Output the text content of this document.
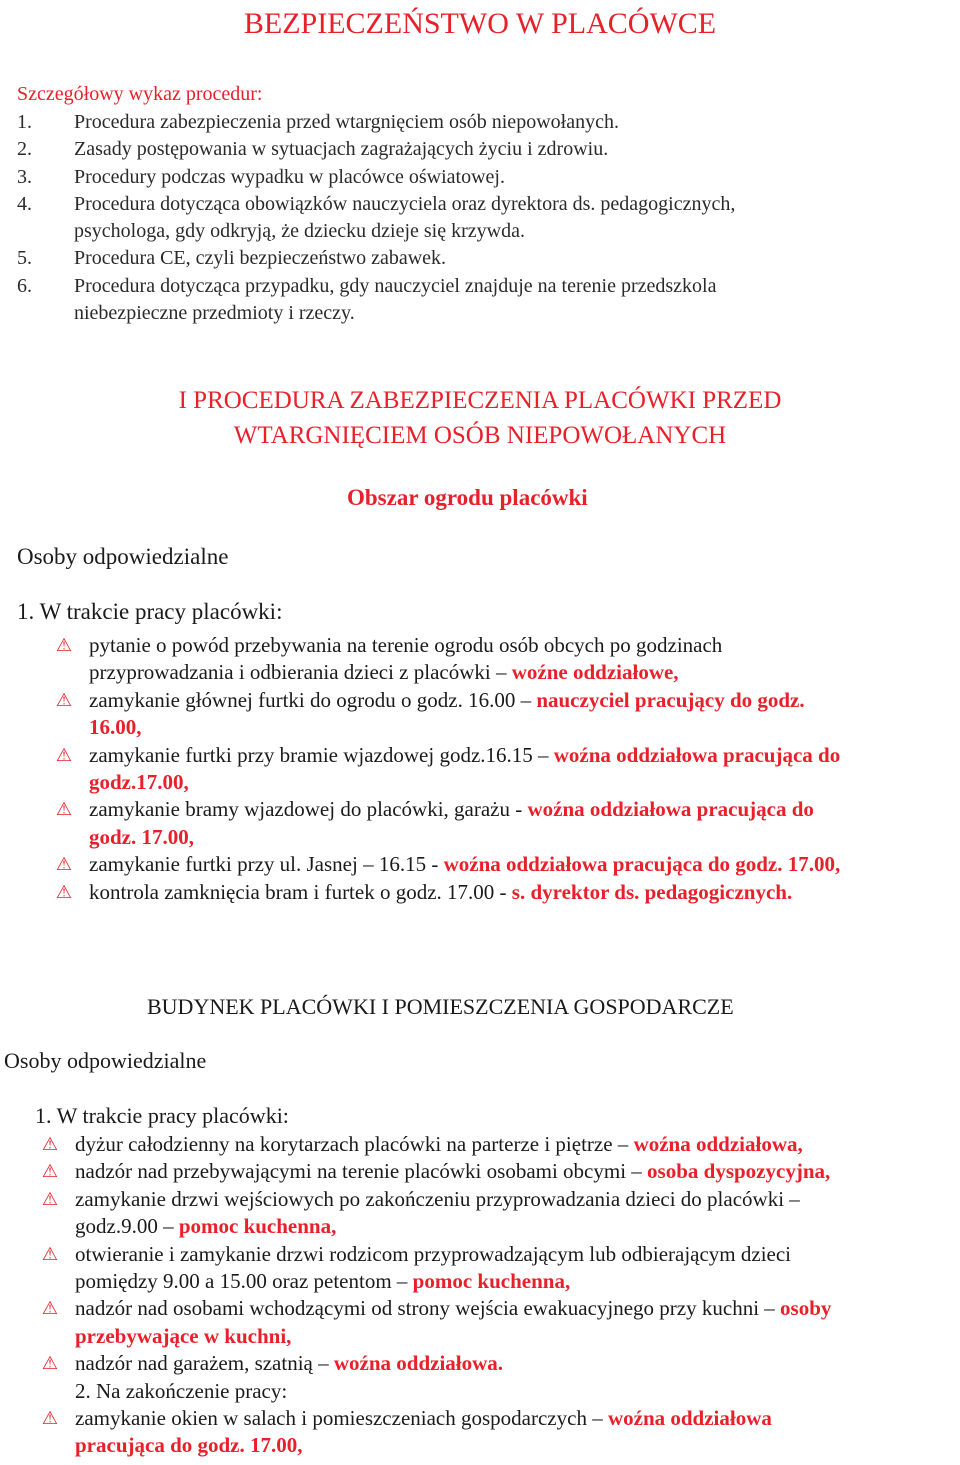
BEZPIECZEŃSTWO W PLACÓWCE
Szczegółowy wykaz procedur:
1.	Procedura zabezpieczenia przed wtargnięciem osób niepowołanych.
2.	Zasady postępowania w sytuacjach zagrażających życiu i zdrowiu.
3.	Procedury podczas wypadku w placówce oświatowej.
4.	Procedura dotycząca obowiązków nauczyciela oraz dyrektora ds. pedagogicznych,
psychologa, gdy odkryją, że dziecku dzieje się krzywda.
5.	Procedura CE, czyli bezpieczeństwo zabawek.
6.	Procedura dotycząca przypadku, gdy nauczyciel znajduje na terenie przedszkola
niebezpieczne przedmioty i rzeczy.
I PROCEDURA ZABEZPIECZENIA PLACÓWKI PRZED
WTARGNIĘCIEM OSÓB NIEPOWOŁANYCH
Obszar ogrodu placówki
Osoby odpowiedzialne
1. W trakcie pracy placówki:
⚠ pytanie o powód przebywania na terenie ogrodu osób obcych po godzinach
przyprowadzania i odbierania dzieci z placówki – woźne oddziałowe,
⚠ zamykanie głównej furtki do ogrodu o godz. 16.00 – nauczyciel pracujący do godz.
16.00,
⚠ zamykanie furtki przy bramie wjazdowej godz.16.15 – woźna oddziałowa pracująca do
godz.17.00,
⚠ zamykanie bramy wjazdowej do placówki, garażu - woźna oddziałowa pracująca do
godz. 17.00,
⚠ zamykanie furtki przy ul. Jasnej – 16.15 - woźna oddziałowa pracująca do godz. 17.00,
⚠ kontrola zamknięcia bram i furtek o godz. 17.00 - s. dyrektor ds. pedagogicznych.
BUDYNEK PLACÓWKI I POMIESZCZENIA GOSPODARCZE
Osoby odpowiedzialne
1. W trakcie pracy placówki:
⚠ dyżur całodzienny na korytarzach placówki na parterze i piętrze – woźna oddziałowa,
⚠ nadzór nad przebywającymi na terenie placówki osobami obcymi – osoba dyspozycyjna,
⚠ zamykanie drzwi wejściowych po zakończeniu przyprowadzania dzieci do placówki –
godz.9.00 – pomoc kuchenna,
⚠ otwieranie i zamykanie drzwi rodzicom przyprowadzającym lub odbierającym dzieci
pomiędzy 9.00 a 15.00 oraz petentom – pomoc kuchenna,
⚠ nadzór nad osobami wchodzącymi od strony wejścia ewakuacyjnego przy kuchni – osoby
przebywające w kuchni,
⚠ nadzór nad garażem, szatnią – woźna oddziałowa.
2. Na zakończenie pracy:
⚠ zamykanie okien w salach i pomieszczeniach gospodarczych – woźna oddziałowa
pracująca do godz. 17.00,
